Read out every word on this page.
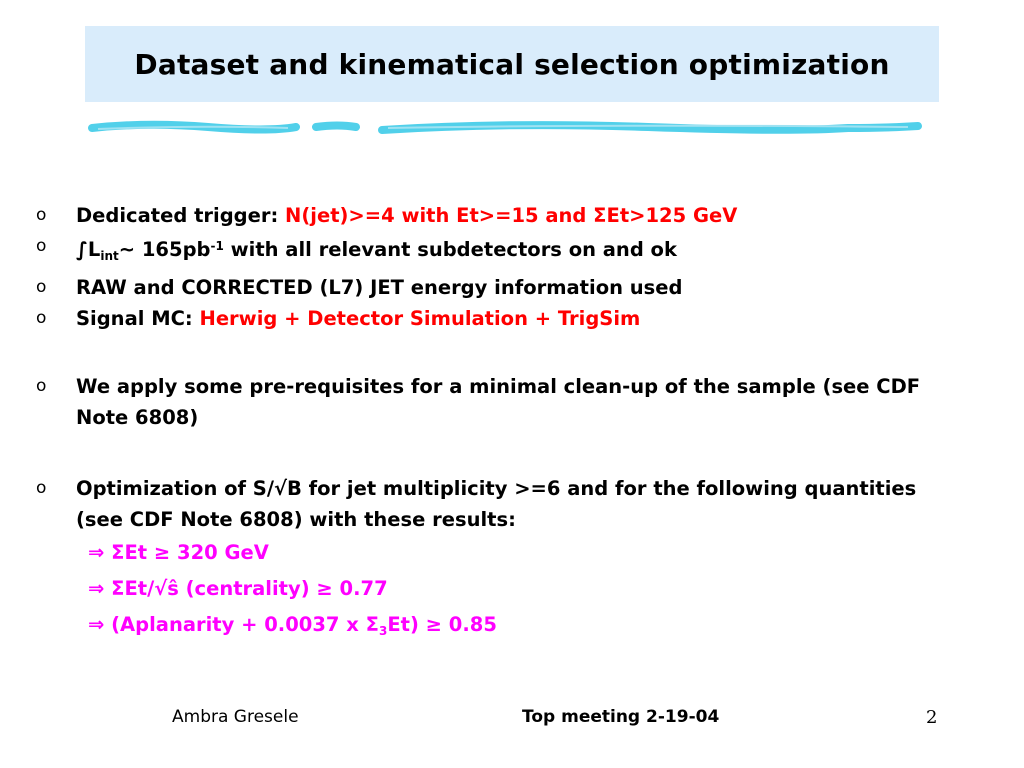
Dataset and kinematical selection optimization
o Dedicated trigger: N(jet)>=4 with Et>=15 and ΣEt>125 GeV
o $\int L_{int}\sim$ $165pb^{-1}$ with all relevant subdetectors on and ok
o RAW and CORRECTED (L7) JET energy information used
o Signal MC: Herwig + Detector Simulation + TrigSim
o We apply some pre-requisites for a minimal clean-up of the sample (see CDF Note 6808)
o Optimization of S/√B for jet multiplicity >=6 and for the following quantities (see CDF Note 6808) with these results:
⇒ ΣEt ≥ 320 GeV
⇒ ΣEt/√ŝ (centrality) ≥ 0.77
⇒ (Aplanarity + 0.0037 x $\Sigma_3Et) \ge 0.85$
Ambra Gresele	Top meeting 2-19-04	2
